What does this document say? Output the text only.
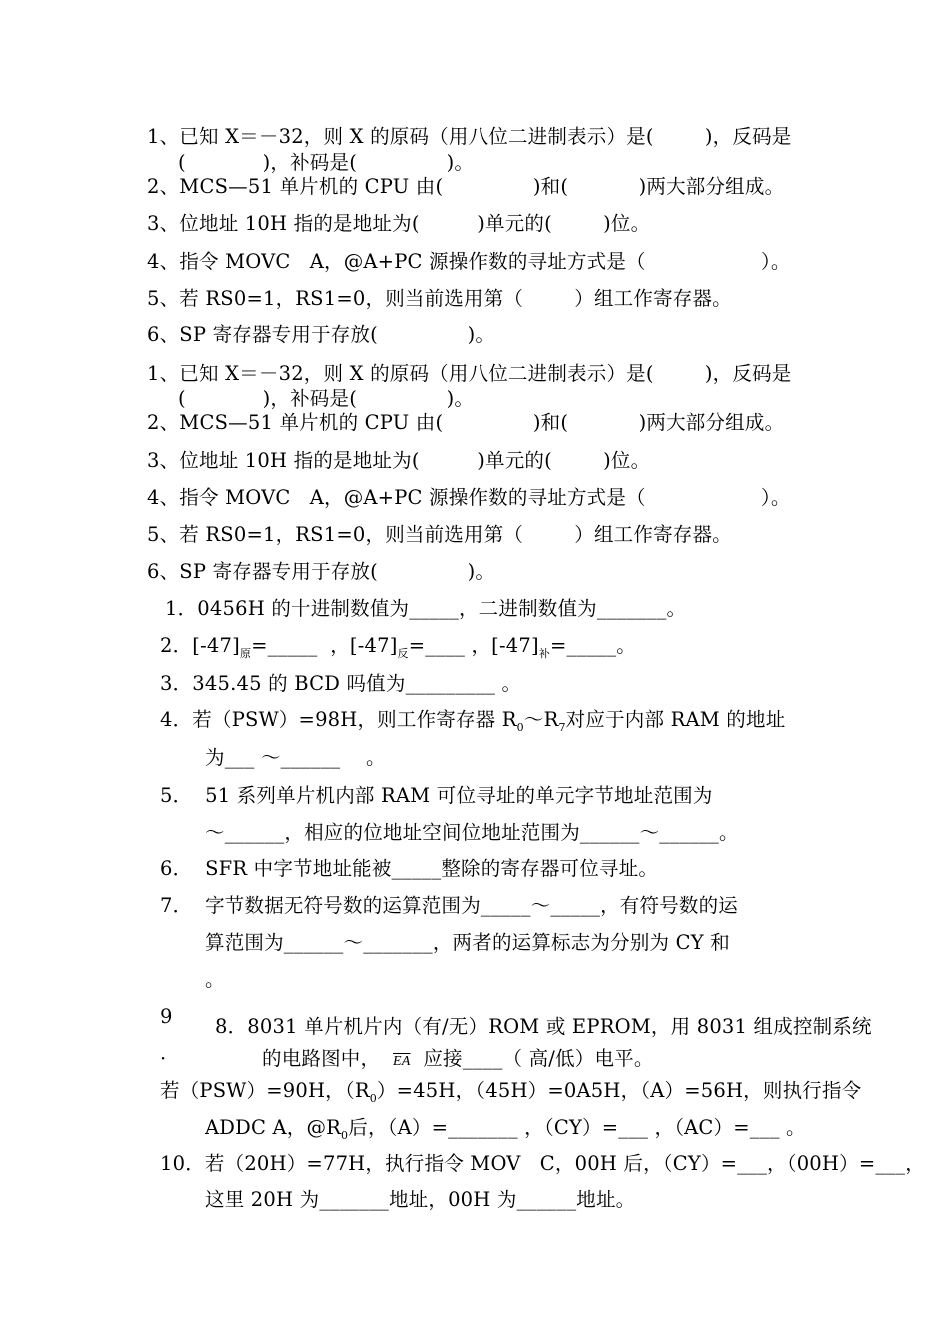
1、已知 X＝－32，则 X 的原码（用八位二进制表示）是(        )，反码是
(            )，补码是(              )。
2、MCS—51 单片机的 CPU 由(              )和(           )两大部分组成。
3、位地址 10H 指的是地址为(         )单元的(        )位。
4、指令 MOVC   A，@A+PC 源操作数的寻址方式是（                  ）。
5、若 RS0=1，RS1=0，则当前选用第（        ）组工作寄存器。
6、SP 寄存器专用于存放(              )。
1、已知 X＝－32，则 X 的原码（用八位二进制表示）是(        )，反码是
(            )，补码是(              )。
2、MCS—51 单片机的 CPU 由(              )和(           )两大部分组成。
3、位地址 10H 指的是地址为(         )单元的(        )位。
4、指令 MOVC   A，@A+PC 源操作数的寻址方式是（                  ）。
5、若 RS0=1，RS1=0，则当前选用第（        ）组工作寄存器。
6、SP 寄存器专用于存放(              )。
1．0456H 的十进制数值为_____，二进制数值为_______。
2．$[-47]_原=\_\_\_\_\_$  ，$[-47]_反=\_\_\_\_$ ，$[-47]_补=\_\_\_\_\_$。
3．345.45 的 BCD 吗值为_________ 。
4．若（PSW）=98H，则工作寄存器 $R_0\sim R_7$对应于内部 RAM 的地址
为___ ～______    。
5．  51 系列单片机内部 RAM 可位寻址的单元字节地址范围为
～______，相应的位地址空间位地址范围为______～______。
6．  SFR 中字节地址能被_____整除的寄存器可位寻址。
7．  字节数据无符号数的运算范围为_____～_____，有符号数的运
算范围为______～_______，两者的运算标志为分别为 CY 和
。
9 8．8031 单片机片内（有/无）ROM 或 EPROM，用 8031 组成控制系统
·	的电路图中，  $\overline{EA}$  应接____（ 高/低）电平。
若（PSW）=90H，$(R_0)=45H$，（45H）=0A5H，（A）=56H，则执行指令
ADDC A，$@R_0$后，（A）=_______ ，（CY）=___ ，（AC）=___ 。
10．若（20H）=77H，执行指令 MOV   C，00H 后，（CY）=___，（00H）=___，
这里 20H 为_______地址，00H 为______地址。
